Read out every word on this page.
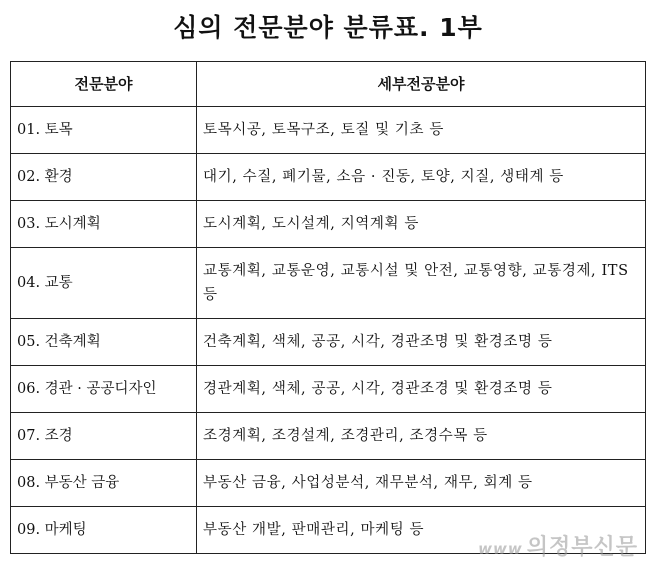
심의 전문분야 분류표. 1부
전문분야	세부전공분야
01. 토목	토목시공, 토목구조, 토질 및 기초 등
02. 환경	대기, 수질, 폐기물, 소음 · 진동, 토양, 지질, 생태계 등
03. 도시계획	도시계획, 도시설계, 지역계획 등
04. 교통	교통계획, 교통운영, 교통시설 및 안전, 교통영향, 교통경제, ITS 등
05. 건축계획	건축계획, 색체, 공공, 시각, 경관조명 및 환경조명 등
06. 경관 · 공공디자인	경관계획, 색체, 공공, 시각, 경관조경 및 환경조명 등
07. 조경	조경계획, 조경설계, 조경관리, 조경수목 등
08. 부동산 금융	부동산 금융, 사업성분석, 재무분석, 재무, 회계 등
09. 마케팅	부동산 개발, 판매관리, 마케팅 등
www 의정부신문
